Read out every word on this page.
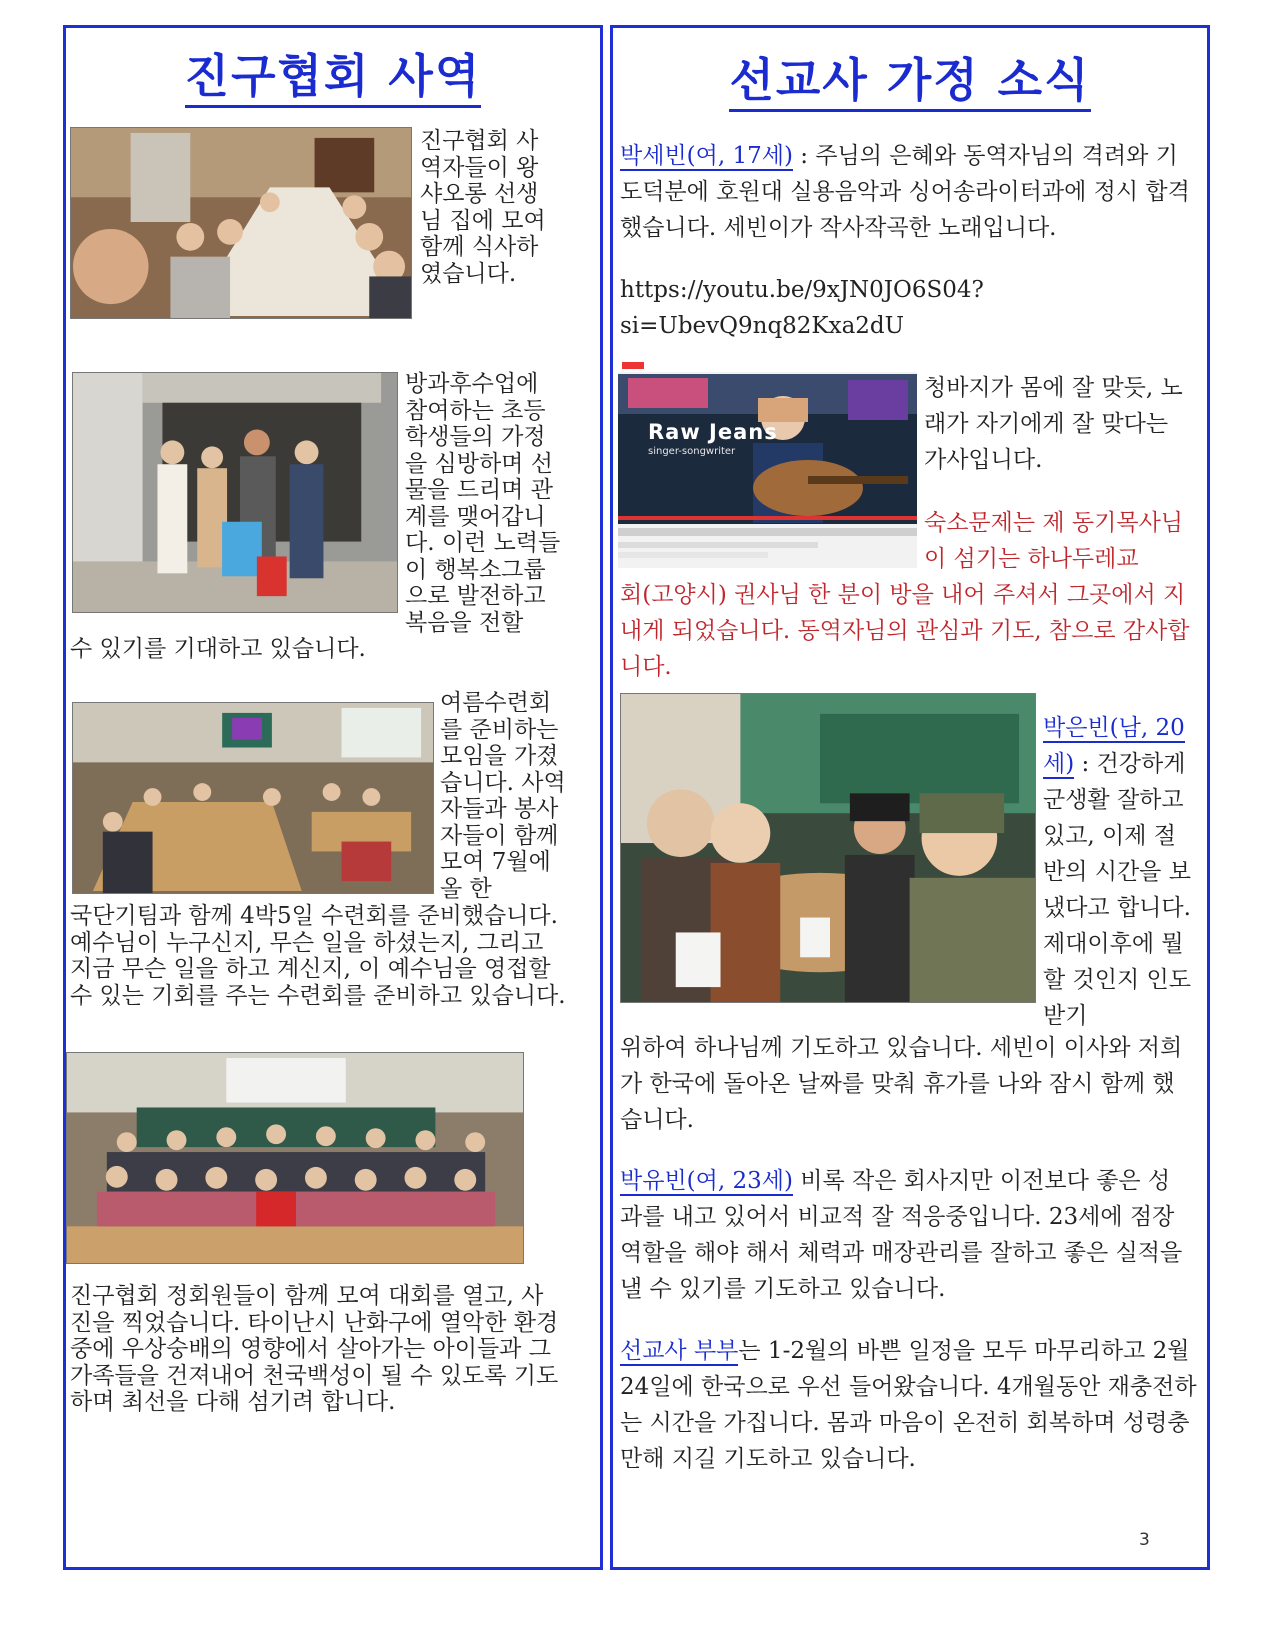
진구협회 사역
진구협회 사역자들이 왕샤오롱 선생님 집에 모여 함께 식사하였습니다.
방과후수업에 참여하는 초등학생들의 가정을 심방하며 선물을 드리며 관계를 맺어갑니다. 이런 노력들이 행복소그룹으로 발전하고 복음을 전할
수 있기를 기대하고 있습니다.
여름수련회를 준비하는 모임을 가졌습니다. 사역자들과 봉사자들이 함께 모여 7월에 올 한
국단기팀과 함께 4박5일 수련회를 준비했습니다. 예수님이 누구신지, 무슨 일을 하셨는지, 그리고 지금 무슨 일을 하고 계신지, 이 예수님을 영접할 수 있는 기회를 주는 수련회를 준비하고 있습니다.
진구협회 정회원들이 함께 모여 대회를 열고, 사진을 찍었습니다. 타이난시 난화구에 열악한 환경 중에 우상숭배의 영향에서 살아가는 아이들과 그 가족들을 건져내어 천국백성이 될 수 있도록 기도하며 최선을 다해 섬기려 합니다.
선교사 가정 소식
박세빈(여, 17세) : 주님의 은혜와 동역자님의 격려와 기도덕분에 호원대 실용음악과 싱어송라이터과에 정시 합격했습니다. 세빈이가 작사작곡한 노래입니다.
https://youtu.be/9xJN0JO6S04?
si=UbevQ9nq82Kxa2dU
Raw Jeans
singer-songwriter
청바지가 몸에 잘 맞듯, 노래가 자기에게 잘 맞다는 가사입니다.
숙소문제는 제 동기목사님이 섬기는 하나두레교
회(고양시) 권사님 한 분이 방을 내어 주셔서 그곳에서 지내게 되었습니다. 동역자님의 관심과 기도, 참으로 감사합니다.
박은빈(남, 20세) : 건강하게 군생활 잘하고 있고, 이제 절반의 시간을 보냈다고 합니다. 제대이후에 뭘 할 것인지 인도받기
위하여 하나님께 기도하고 있습니다. 세빈이 이사와 저희가 한국에 돌아온 날짜를 맞춰 휴가를 나와 잠시 함께 했습니다.
박유빈(여, 23세) 비록 작은 회사지만 이전보다 좋은 성과를 내고 있어서 비교적 잘 적응중입니다. 23세에 점장 역할을 해야 해서 체력과 매장관리를 잘하고 좋은 실적을 낼 수 있기를 기도하고 있습니다.
선교사 부부는 1-2월의 바쁜 일정을 모두 마무리하고 2월 24일에 한국으로 우선 들어왔습니다. 4개월동안 재충전하는 시간을 가집니다. 몸과 마음이 온전히 회복하며 성령충만해 지길 기도하고 있습니다.
3
